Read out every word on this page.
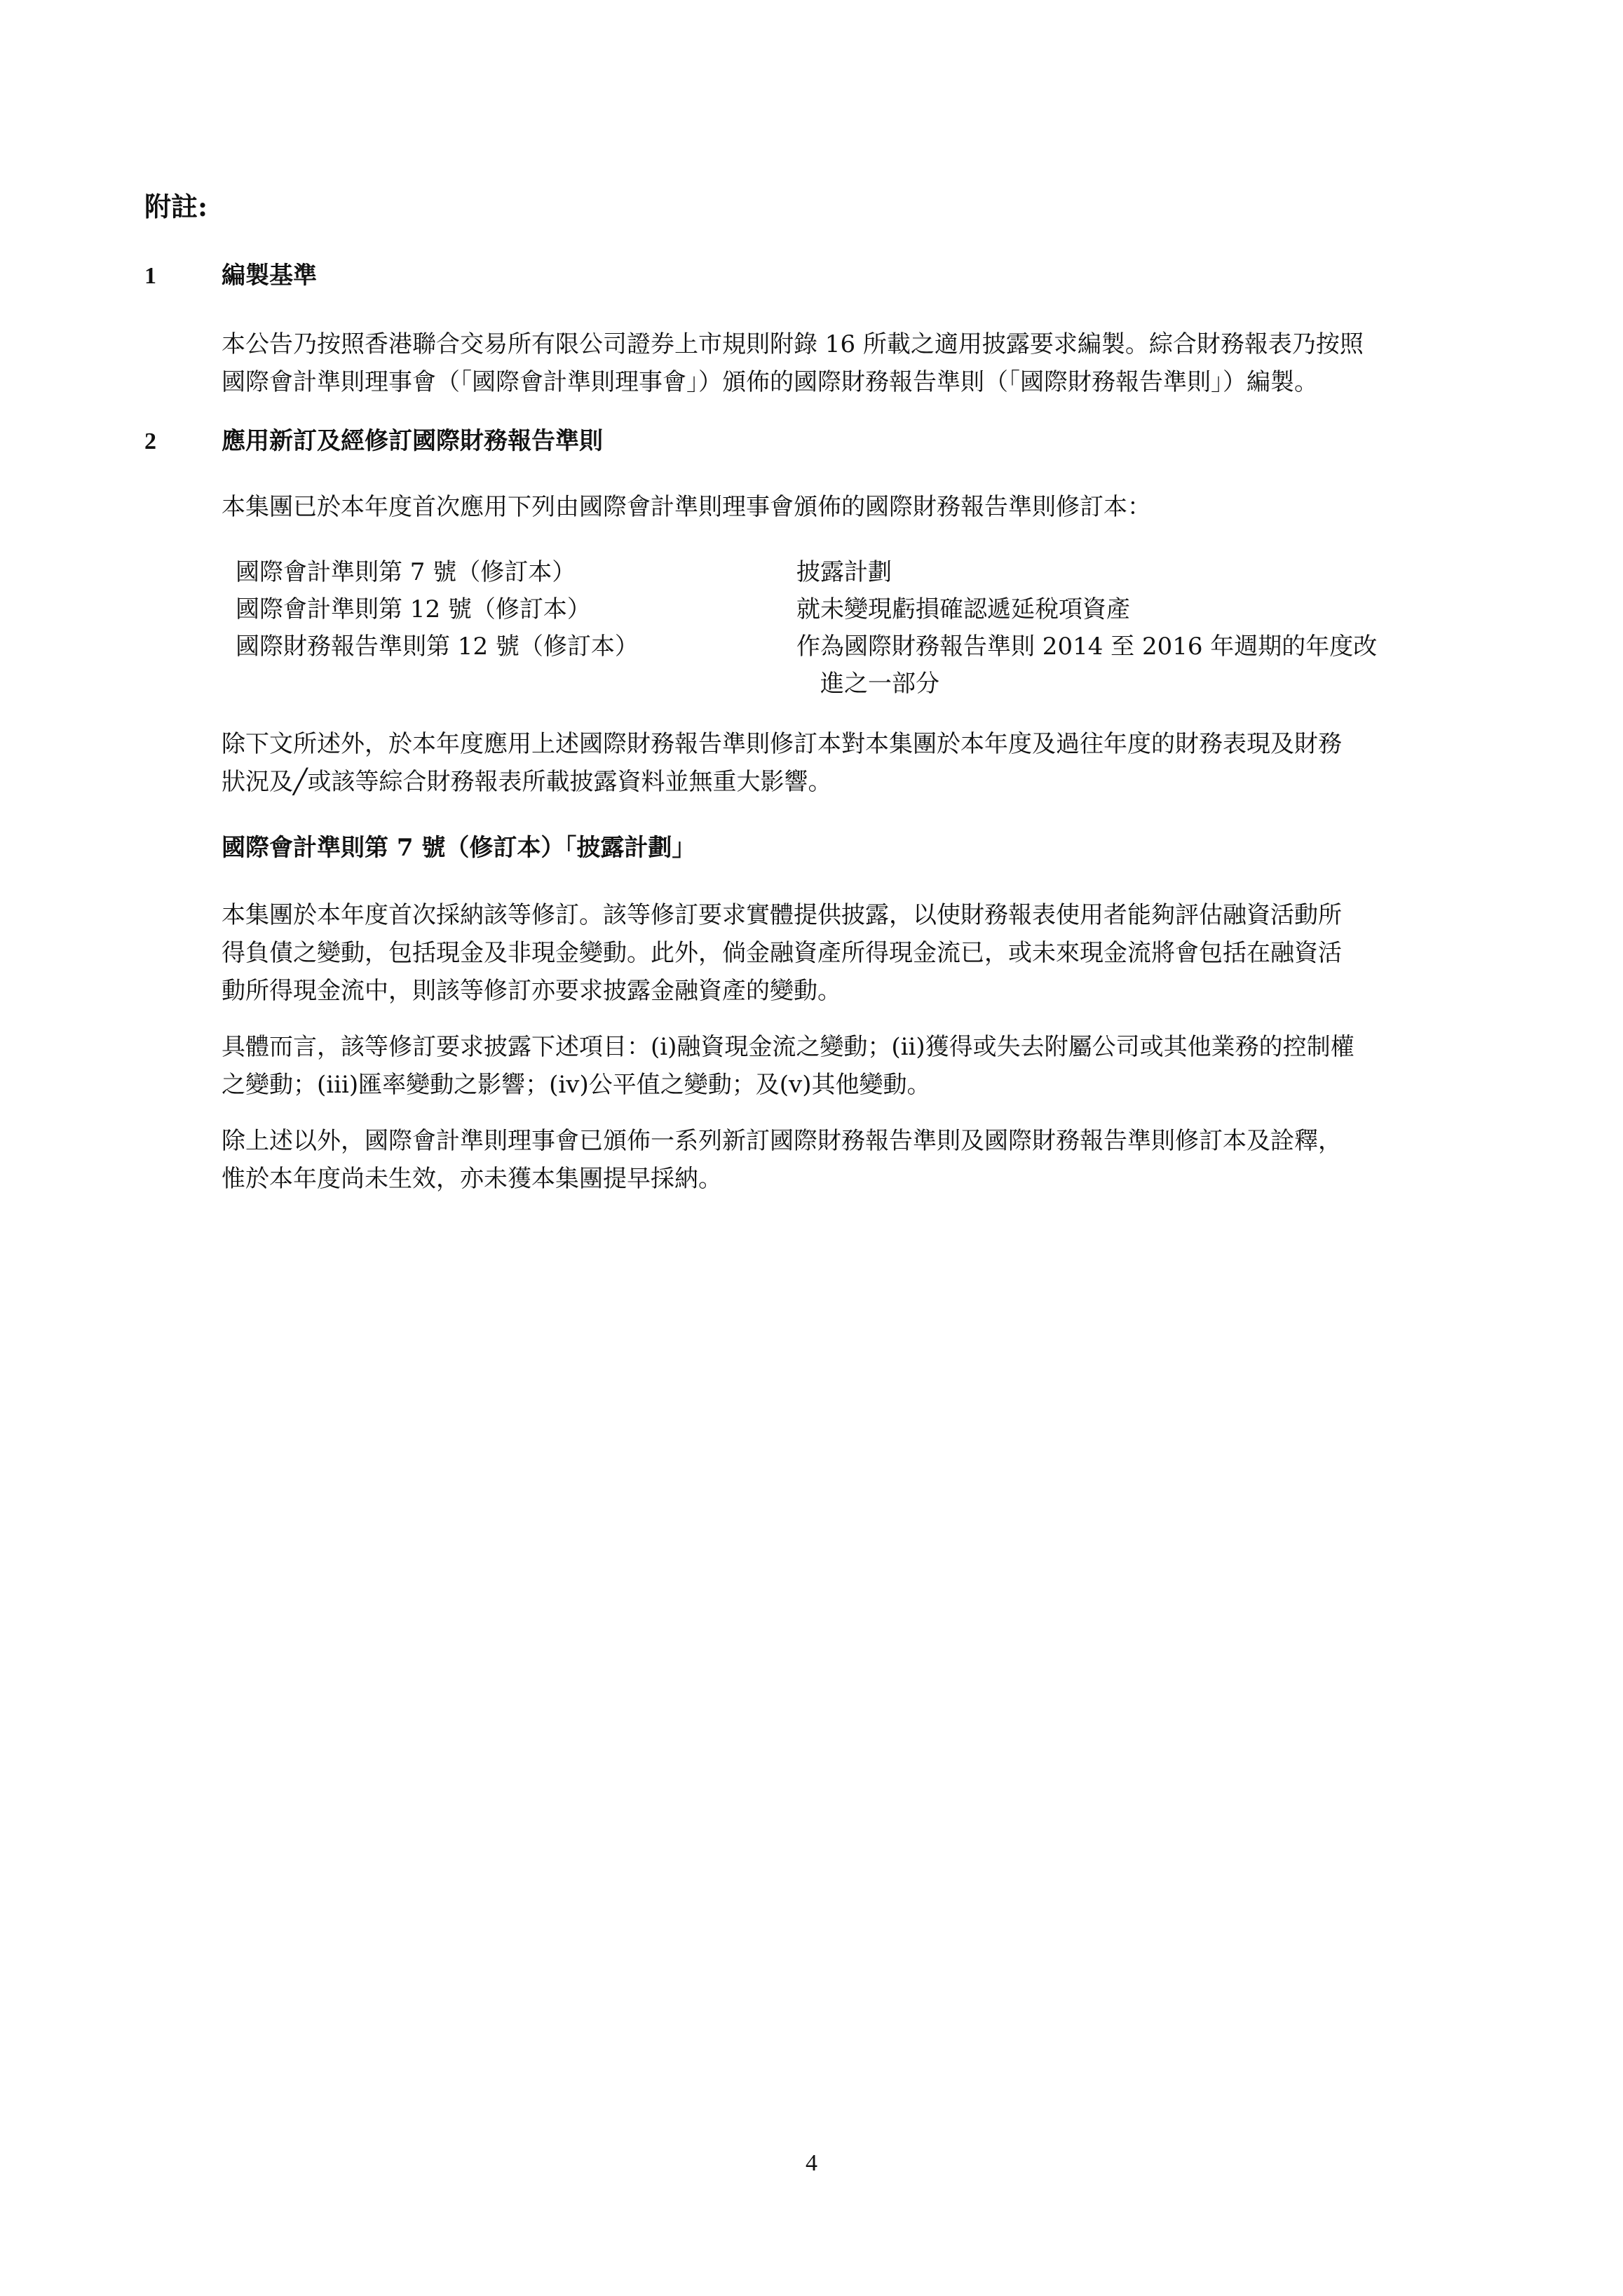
附註:
1	編製基準

本公告乃按照香港聯合交易所有限公司證券上市規則附錄 16 所載之適用披露要求編製。綜合財務報表乃按照
國際會計準則理事會（「國際會計準則理事會」）頒佈的國際財務報告準則（「國際財務報告準則」）編製。

2	應用新訂及經修訂國際財務報告準則

本集團已於本年度首次應用下列由國際會計準則理事會頒佈的國際財務報告準則修訂本：

國際會計準則第 7 號（修訂本）	披露計劃
國際會計準則第 12 號（修訂本）	就未變現虧損確認遞延稅項資產
國際財務報告準則第 12 號（修訂本）	作為國際財務報告準則 2014 至 2016 年週期的年度改
進之一部分

除下文所述外，於本年度應用上述國際財務報告準則修訂本對本集團於本年度及過往年度的財務表現及財務
狀況及╱或該等綜合財務報表所載披露資料並無重大影響。

國際會計準則第 7 號（修訂本）「披露計劃」

本集團於本年度首次採納該等修訂。該等修訂要求實體提供披露，以使財務報表使用者能夠評估融資活動所
得負債之變動，包括現金及非現金變動。此外，倘金融資產所得現金流已，或未來現金流將會包括在融資活
動所得現金流中，則該等修訂亦要求披露金融資產的變動。

具體而言，該等修訂要求披露下述項目：(i)融資現金流之變動；(ii)獲得或失去附屬公司或其他業務的控制權
之變動；(iii)匯率變動之影響；(iv)公平值之變動；及(v)其他變動。

除上述以外，國際會計準則理事會已頒佈一系列新訂國際財務報告準則及國際財務報告準則修訂本及詮釋，
惟於本年度尚未生效，亦未獲本集團提早採納。

4
